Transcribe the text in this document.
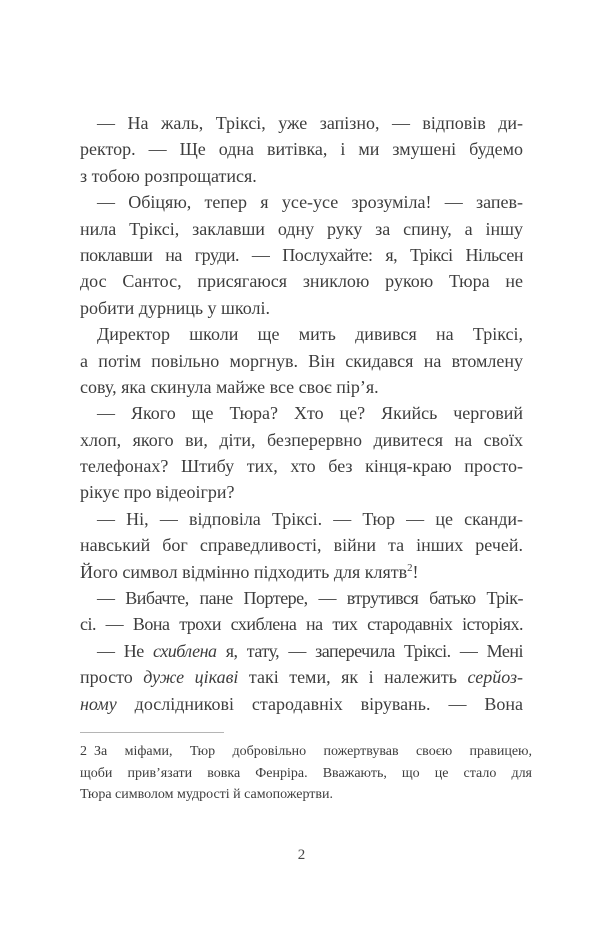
— На жаль, Тріксі, уже запізно, — відповів ди-
ректор. — Ще одна витівка, і ми змушені будемо
з тобою розпрощатися.
— Обіцяю, тепер я усе-усе зрозуміла! — запев-
нила Тріксі, заклавши одну руку за спину, а іншу
поклавши на груди. — Послухайте: я, Тріксі Нільсен
дос Сантос, присягаюся зниклою рукою Тюра не
робити дурниць у школі.
Директор школи ще мить дивився на Тріксі,
а потім повільно моргнув. Він скидався на втомлену
сову, яка скинула майже все своє пір’я.
— Якого ще Тюра? Хто це? Якийсь черговий
хлоп, якого ви, діти, безперервно дивитеся на своїх
телефонах? Штибу тих, хто без кінця-краю просто-
рікує про відеоігри?
— Ні, — відповіла Тріксі. — Тюр — це сканди-
навський бог справедливості, війни та інших речей.
Його символ відмінно підходить для клятв$^2$!
— Вибачте, пане Портере, — втрутився батько Трік-
сі. — Вона трохи схиблена на тих стародавніх історіях.
— Не схиблена я, тату, — заперечила Тріксі. — Мені
просто дуже цікаві такі теми, як і належить серйоз-
ному дослідникові стародавніх вірувань. — Вона
2 За міфами, Тюр добровільно пожертвував своєю правицею,
щоби прив’язати вовка Фенріра. Вважають, що це стало для
Тюра символом мудрості й самопожертви.
2
